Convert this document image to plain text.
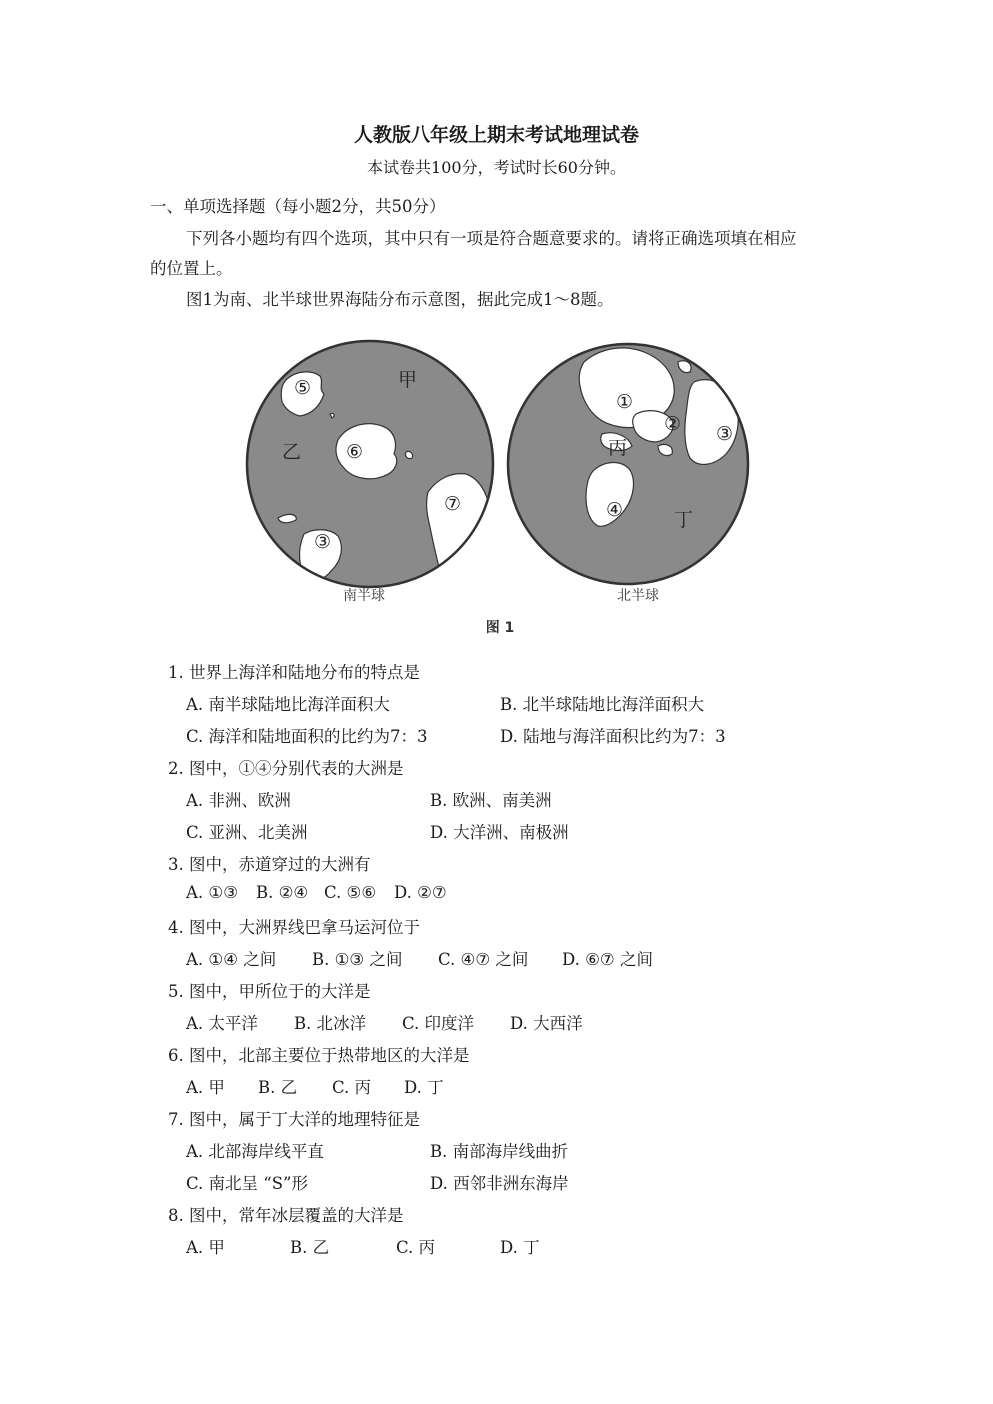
人教版八年级上期末考试地理试卷
本试卷共100分，考试时长60分钟。
一、单项选择题（每小题2分，共50分）
下列各小题均有四个选项，其中只有一项是符合题意要求的。请将正确选项填在相应
的位置上。
图1为南、北半球世界海陆分布示意图，据此完成1～8题。
⑤	甲
乙 ⑥
⑦
③
①
② ③
丙
④	丁
南半球	北半球
图 1
1. 世界上海洋和陆地分布的特点是
A. 南半球陆地比海洋面积大	B. 北半球陆地比海洋面积大
C. 海洋和陆地面积的比约为7：3	D. 陆地与海洋面积比约为7：3
2. 图中，①④分别代表的大洲是
A. 非洲、欧洲	B. 欧洲、南美洲
C. 亚洲、北美洲	D. 大洋洲、南极洲
3. 图中，赤道穿过的大洲有
A. ①③ B. ②④ C. ⑤⑥ D. ②⑦
4. 图中，大洲界线巴拿马运河位于
A. ①④ 之间 B. ①③ 之间 C. ④⑦ 之间 D. ⑥⑦ 之间
5. 图中，甲所位于的大洋是
A. 太平洋 B. 北冰洋 C. 印度洋 D. 大西洋
6. 图中，北部主要位于热带地区的大洋是
A. 甲 B. 乙 C. 丙 D. 丁
7. 图中，属于丁大洋的地理特征是
A. 北部海岸线平直	B. 南部海岸线曲折
C. 南北呈 “S”形	D. 西邻非洲东海岸
8. 图中，常年冰层覆盖的大洋是
A. 甲	B. 乙	C. 丙	D. 丁
